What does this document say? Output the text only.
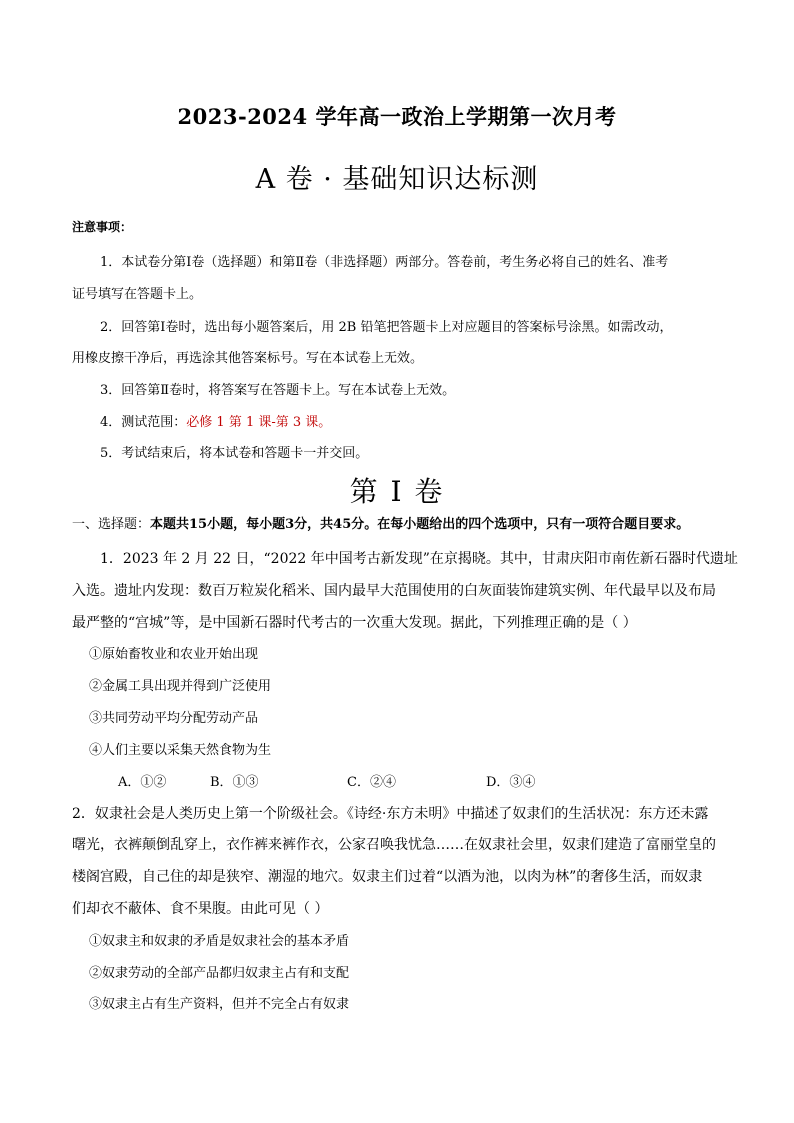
2023-2024 学年高一政治上学期第一次月考
A 卷 · 基础知识达标测
注意事项：
1．本试卷分第Ⅰ卷（选择题）和第Ⅱ卷（非选择题）两部分。答卷前，考生务必将自己的姓名、准考
证号填写在答题卡上。
2．回答第Ⅰ卷时，选出每小题答案后，用 2B 铅笔把答题卡上对应题目的答案标号涂黑。如需改动，
用橡皮擦干净后，再选涂其他答案标号。写在本试卷上无效。
3．回答第Ⅱ卷时，将答案写在答题卡上。写在本试卷上无效。
4．测试范围：必修 1 第 1 课-第 3 课。
5．考试结束后，将本试卷和答题卡一并交回。
第 I 卷
一、选择题：本题共15小题，每小题3分，共45分。在每小题给出的四个选项中，只有一项符合题目要求。
1．2023 年 2 月 22 日，“2022 年中国考古新发现”在京揭晓。其中，甘肃庆阳市南佐新石器时代遗址
入选。遗址内发现：数百万粒炭化稻米、国内最早大范围使用的白灰面装饰建筑实例、年代最早以及布局
最严整的“宫城”等，是中国新石器时代考古的一次重大发现。据此，下列推理正确的是（ ）
①原始畜牧业和农业开始出现
②金属工具出现并得到广泛使用
③共同劳动平均分配劳动产品
④人们主要以采集天然食物为生
A．①②	B．①③	C．②④	D．③④
2．奴隶社会是人类历史上第一个阶级社会。《诗经·东方未明》中描述了奴隶们的生活状况：东方还未露
曙光，衣裤颠倒乱穿上，衣作裤来裤作衣，公家召唤我忧急……在奴隶社会里，奴隶们建造了富丽堂皇的
楼阁宫殿，自己住的却是狭窄、潮湿的地穴。奴隶主们过着“以酒为池，以肉为林”的奢侈生活，而奴隶
们却衣不蔽体、食不果腹。由此可见（ ）
①奴隶主和奴隶的矛盾是奴隶社会的基本矛盾
②奴隶劳动的全部产品都归奴隶主占有和支配
③奴隶主占有生产资料，但并不完全占有奴隶
